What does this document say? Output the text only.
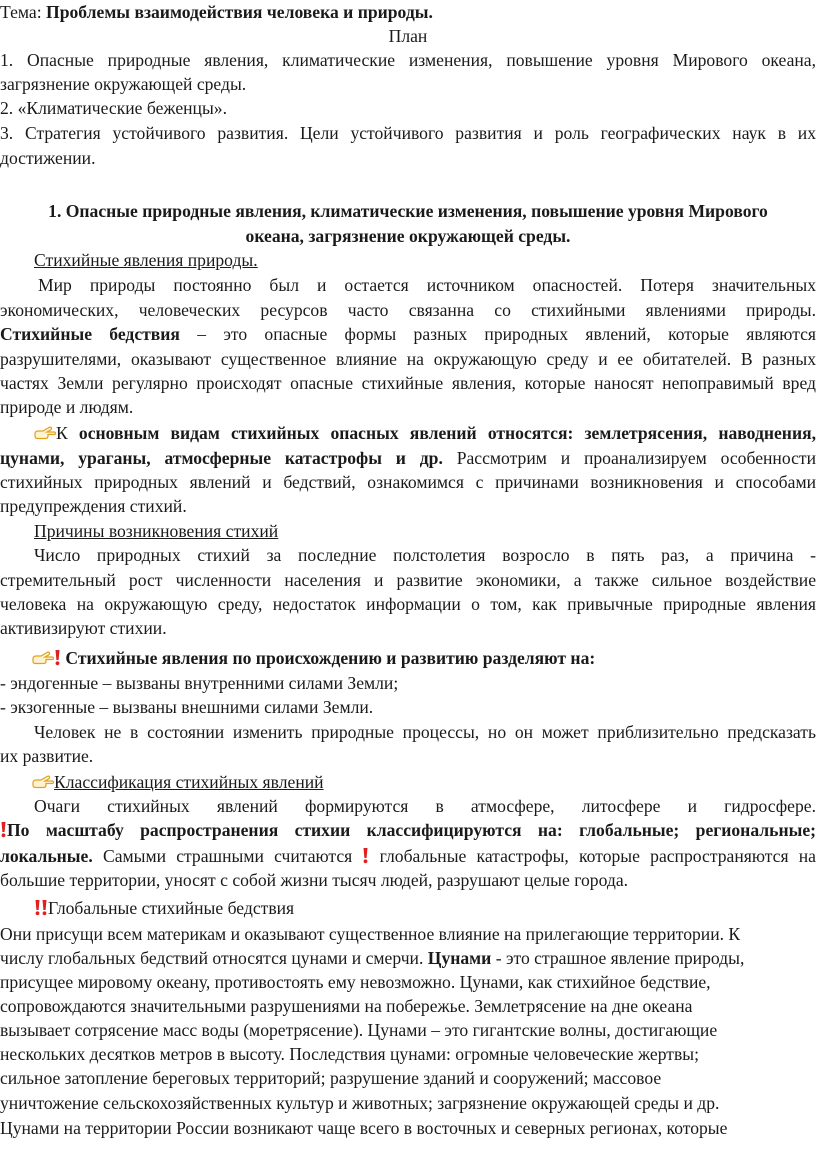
Тема: Проблемы взаимодействия человека и природы.
План
1. Опасные природные явления, климатические изменения, повышение уровня Мирового океана,
загрязнение окружающей среды.
2. «Климатические беженцы».
3. Стратегия устойчивого развития. Цели устойчивого развития и роль географических наук в их
достижении.
1. Опасные природные явления, климатические изменения, повышение уровня Мирового
океана, загрязнение окружающей среды.
Стихийные явления природы.
Мир природы постоянно был и остается источником опасностей. Потеря значительных
экономических, человеческих ресурсов часто связанна со стихийными явлениями природы.
Стихийные бедствия – это опасные формы разных природных явлений, которые являются
разрушителями, оказывают существенное влияние на окружающую среду и ее обитателей. В разных
частях Земли регулярно происходят опасные стихийные явления, которые наносят непоправимый вред
природе и людям.
К основным видам стихийных опасных явлений относятся: землетрясения, наводнения,
цунами, ураганы, атмосферные катастрофы и др. Рассмотрим и проанализируем особенности
стихийных природных явлений и бедствий, ознакомимся с причинами возникновения и способами
предупреждения стихий.
Причины возникновения стихий
Число природных стихий за последние полстолетия возросло в пять раз, а причина -
стремительный рост численности населения и развитие экономики, а также сильное воздействие
человека на окружающую среду, недостаток информации о том, как привычные природные явления
активизируют стихии.
Стихийные явления по происхождению и развитию разделяют на:
- эндогенные – вызваны внутренними силами Земли;
- экзогенные – вызваны внешними силами Земли.
Человек не в состоянии изменить природные процессы, но он может приблизительно предсказать
их развитие.
Классификация стихийных явлений
Очаги стихийных явлений формируются в атмосфере, литосфере и гидросфере.
По масштабу распространения стихии классифицируются на: глобальные; региональные;
локальные. Самыми страшными считаются  глобальные катастрофы, которые распространяются на
большие территории, уносят с собой жизни тысяч людей, разрушают целые города.
Глобальные стихийные бедствия
Они присущи всем материкам и оказывают существенное влияние на прилегающие территории. К
числу глобальных бедствий относятся цунами и смерчи. Цунами - это страшное явление природы,
присущее мировому океану, противостоять ему невозможно. Цунами, как стихийное бедствие,
сопровождаются значительными разрушениями на побережье. Землетрясение на дне океана
вызывает сотрясение масс воды (моретрясение). Цунами – это гигантские волны, достигающие
нескольких десятков метров в высоту. Последствия цунами: огромные человеческие жертвы;
сильное затопление береговых территорий; разрушение зданий и сооружений; массовое
уничтожение сельскохозяйственных культур и животных; загрязнение окружающей среды и др.
Цунами на территории России возникают чаще всего в восточных и северных регионах, которые
